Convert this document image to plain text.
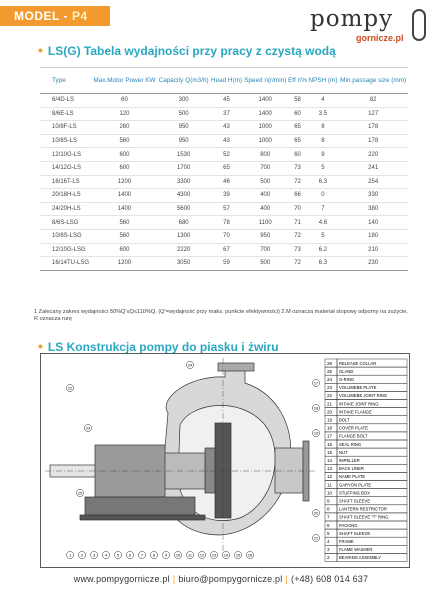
MODEL - P4	pompy
gornicze.pl
• LS(G) Tabela wydajności przy pracy z czystą wodą
Type	Max.Motor Power KW	Capacity Q(m3/h)	Head H(m)	Speed n(r/min)	Eff r/%	NPSH (m)	Min.passage size (mm)
6/4D-LS	60	300	45	1400	58	4	82
8/6E-LS	120	500	37	1400	60	3.5	127
10/8F-LS	260	950	43	1000	65	8	178
10/8S-LS	560	950	43	1000	65	8	178
12/10G-LS	600	1530	52	800	60	9	220
14/12G-LS	600	1700	65	700	73	5	241
16/16T-LS	1200	3300	46	500	72	6.3	254
20/18H-LS	1400	4300	39	400	66	0	330
24/20H-LS	1400	5600	57	400	70	7	380
8/6S-LSG	560	680	78	1100	71	4.6	140
10/8S-LSG	560	1300	70	950	72	5	180
12/10G-LSG	600	2220	67	700	73	6.2	210
16/14TU-LSG	1200	3050	59	500	72	6.3	230
1 Zalecany zakres wydajności 50%Q'≤Q≤110%Q, (Q'=wydajność przy maks. punkcie efektywności) 2.M oznacza materiał stopowy odporny na zużycie, R oznacza rurę
• LS Konstrukcja pompy do piasku i żwiru
1	2	3	4	5	6	7	8	9 10 11 12 13 14 15 16
17
18
19
20
21
22
23
24
25
26 RELEASE COLLAR
25 GLAND
24 O-RING
23 VOLUMEBE PLATE
22 VOLUMEBE JOINT RING
21 INTAKE JOINT RING
20 INTAKE FLANGE
19 BOLT
18 COVER PLATE
17 FLANGE BOLT
16 SEAL RING
15 NUT
14 IMPELLER
13 BACK LINER
12 NAME PLATE
11 GARYON PLATE
10 STUFFING BOX
9 SHAFT SLEEVE
8 LANTERN RESTRICTOR
7 SHAFT SLEEVE "T" RING
6 PACKING
5 SHAFT SLEEVE
4 FRAME
3 FLAME WASHER
2 BEARING ASSEMBLY
www.pompygornicze.pl | biuro@pompygornicze.pl | (+48) 608 014 637
